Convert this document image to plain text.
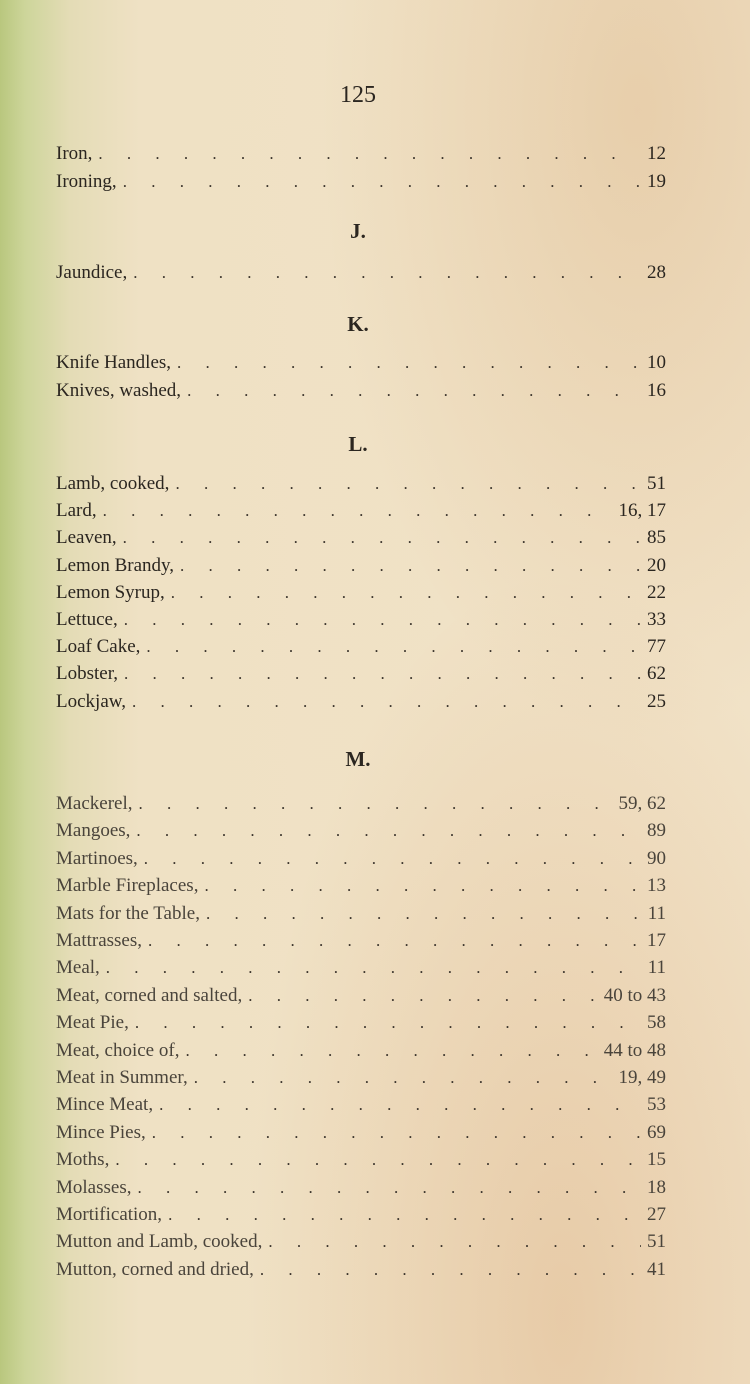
125
Iron, . . .	12
Ironing, . . .	19
J.
Jaundice, . . .	28
K.
Knife Handles, . . .	10
Knives, washed, . . .	16
L.
Lamb, cooked, . . .	51
Lard, . . .	16, 17
Leaven, . . .	85
Lemon Brandy, . . .	20
Lemon Syrup, . . .	22
Lettuce, . . .	33
Loaf Cake, . . .	77
Lobster, . . .	62
Lockjaw, . . .	25
M.
Mackerel, . . .	59, 62
Mangoes, . . .	89
Martinoes, . . .	90
Marble Fireplaces, . . .	13
Mats for the Table, . . .	11
Mattrasses, . . .	17
Meal, . . .	11
Meat, corned and salted, . . .	40 to 43
Meat Pie, . . .	58
Meat, choice of, . . .	44 to 48
Meat in Summer, . . .	19, 49
Mince Meat, . . .	53
Mince Pies, . . .	69
Moths, . . .	15
Molasses, . . .	18
Mortification, . . .	27
Mutton and Lamb, cooked, . . .	51
Mutton, corned and dried, . . .	41
